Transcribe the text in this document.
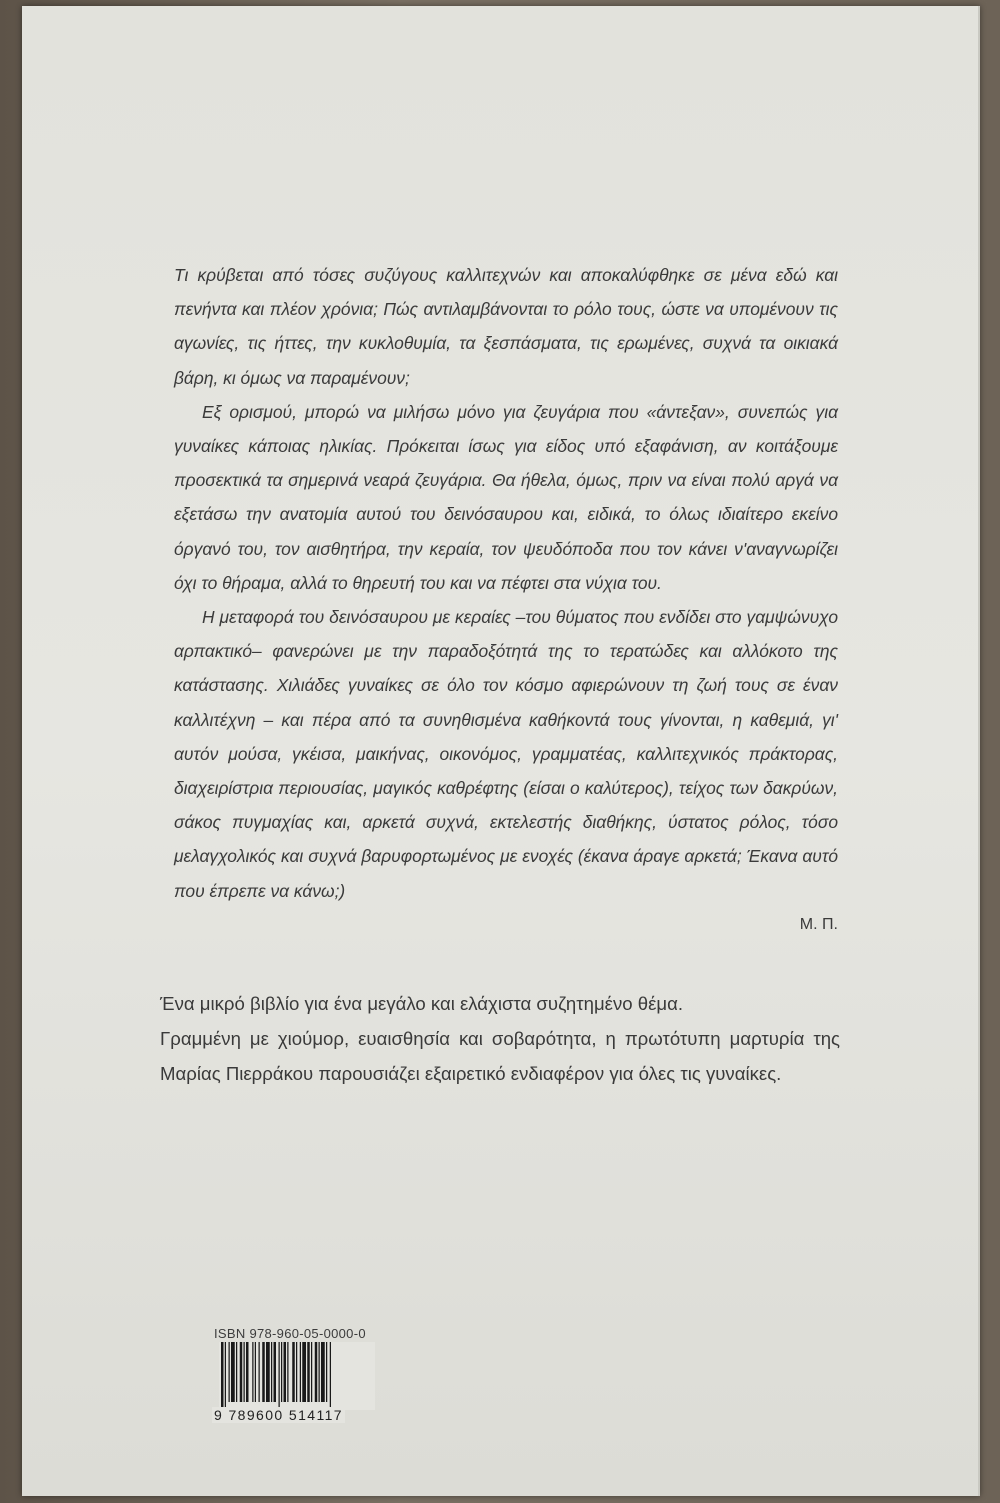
Τι κρύβεται από τόσες συζύγους καλλιτεχνών και αποκαλύφθηκε σε μένα εδώ και πενήντα και πλέον χρόνια; Πώς αντιλαμβάνονται το ρόλο τους, ώστε να υπομένουν τις αγωνίες, τις ήττες, την κυκλοθυμία, τα ξεσπάσματα, τις ερωμένες, συχνά τα οικιακά βάρη, κι όμως να παραμένουν;

Εξ ορισμού, μπορώ να μιλήσω μόνο για ζευγάρια που «άντεξαν», συνεπώς για γυναίκες κάποιας ηλικίας. Πρόκειται ίσως για είδος υπό εξαφάνιση, αν κοιτάξουμε προσεκτικά τα σημερινά νεαρά ζευγάρια. Θα ήθελα, όμως, πριν να είναι πολύ αργά να εξετάσω την ανατομία αυτού του δεινόσαυρου και, ειδικά, το όλως ιδιαίτερο εκείνο όργανό του, τον αισθητήρα, την κεραία, τον ψευδόποδα που τον κάνει ν'αναγνωρίζει όχι το θήραμα, αλλά το θηρευτή του και να πέφτει στα νύχια του.

Η μεταφορά του δεινόσαυρου με κεραίες –του θύματος που ενδίδει στο γαμψώνυχο αρπακτικό– φανερώνει με την παραδοξότητά της το τερατώδες και αλλόκοτο της κατάστασης. Χιλιάδες γυναίκες σε όλο τον κόσμο αφιερώνουν τη ζωή τους σε έναν καλλιτέχνη – και πέρα από τα συνηθισμένα καθήκοντά τους γίνονται, η καθεμιά, γι' αυτόν μούσα, γκέισα, μαικήνας, οικονόμος, γραμματέας, καλλιτεχνικός πράκτορας, διαχειρίστρια περιουσίας, μαγικός καθρέφτης (είσαι ο καλύτερος), τείχος των δακρύων, σάκος πυγμαχίας και, αρκετά συχνά, εκτελεστής διαθήκης, ύστατος ρόλος, τόσο μελαγχολικός και συχνά βαρυφορτωμένος με ενοχές (έκανα άραγε αρκετά; Έκανα αυτό που έπρεπε να κάνω;)

Μ. Π.

Ένα μικρό βιβλίο για ένα μεγάλο και ελάχιστα συζητημένο θέμα.

Γραμμένη με χιούμορ, ευαισθησία και σοβαρότητα, η πρωτότυπη μαρτυρία της Μαρίας Πιερράκου παρουσιάζει εξαιρετικό ενδιαφέρον για όλες τις γυναίκες.

ISBN 978-960-05-0000-0
9 789600 514117
